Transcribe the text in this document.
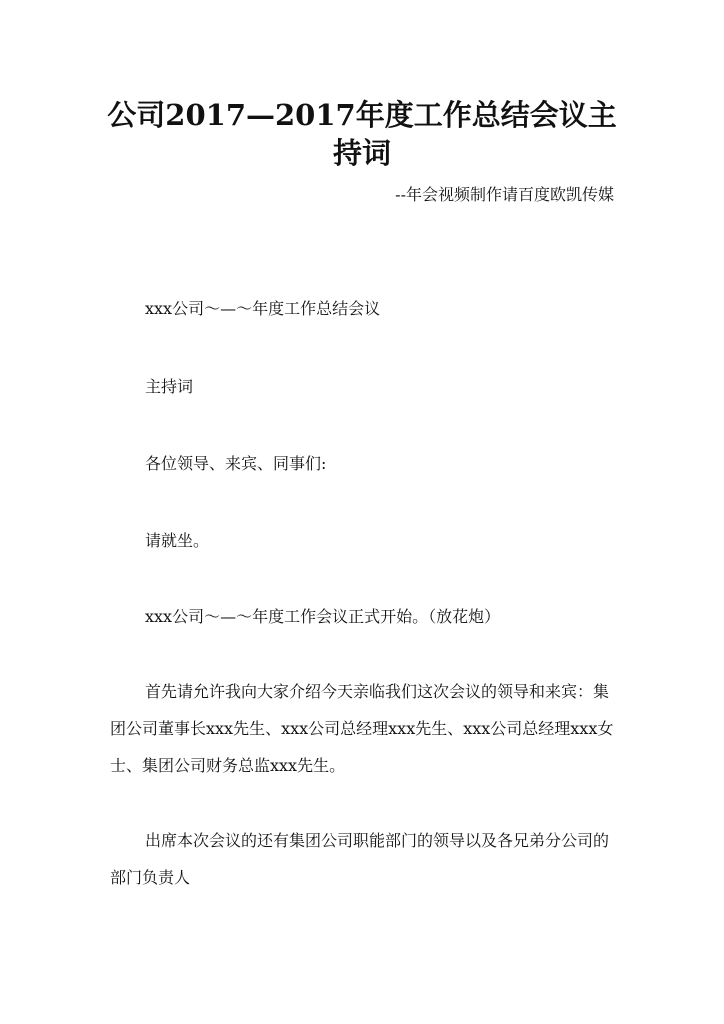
公司2017—2017年度工作总结会议主持词
--年会视频制作请百度欧凯传媒

xxx公司～—～年度工作总结会议

主持词

各位领导、来宾、同事们:

请就坐。

xxx公司～—～年度工作会议正式开始。（放花炮）

首先请允许我向大家介绍今天亲临我们这次会议的领导和来宾：集团公司董事长xxx先生、xxx公司总经理xxx先生、xxx公司总经理xxx女士、集团公司财务总监xxx先生。

出席本次会议的还有集团公司职能部门的领导以及各兄弟分公司的部门负责人
